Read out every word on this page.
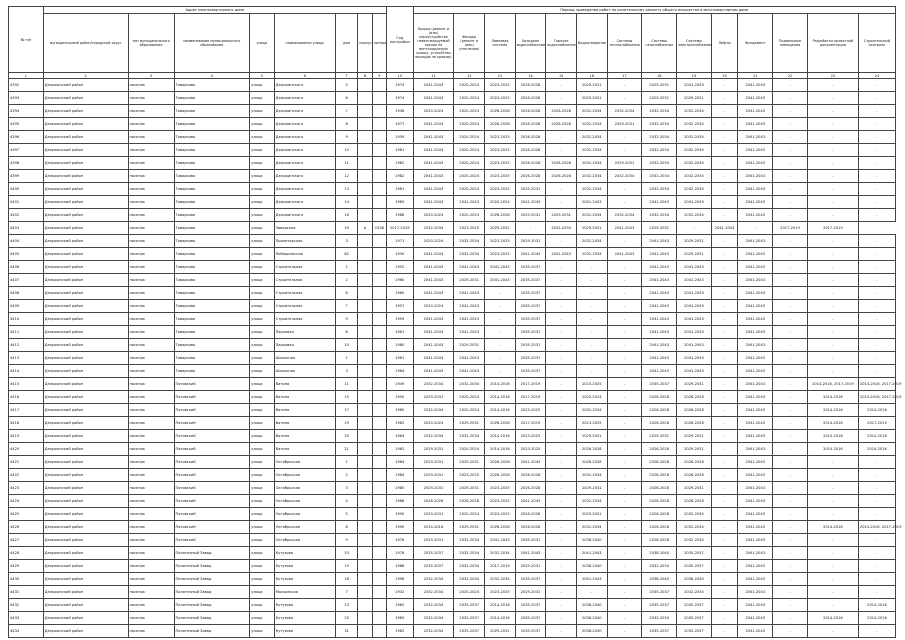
№ п/п	Адрес многоквартирного дома								Год постройки	Период проведения работ по капитальному ремонту общего имущества в многоквартирном доме													
	муниципальный район/городской округ	тип муниципального образования	наименование муниципального образования	улица	наименование улицы	дом	корпус	литера		Крыша (ремонт и (или) переустройство невентилируемой крыши на вентилируемую крышу, устройство выходов на кровлю)	Фасады (ремонт и (или) утепление)	Ливневая система	Холодное водоснабжение	Горячее водоснабжение	Водоотведение	Системы теплоснабжения	Системы газоснабжения	Системы электроснабжения	Лифты	Фундамент	Подвальные помещения	Разработка проектной документации	Строительный контроль
1	2	3	4	5	6	7	8	9	10	11	12	13	14	15	16	17	18	19	20	21	22	23	24
4392	Дзержинский район	поселок	Товарково	улица	Дзержинского	5			1974	2041-2043	2020-2024	2023-2025	2026-2028	-	2029-2031	-	2029-2031	2041-2043	-	2041-2043	-	-	-
4393	Дзержинский район	поселок	Товарково	улица	Дзержинского	6			1974	2041-2043	2020-2024	2023-2025	2026-2028	-	2029-2031	-	2029-2031	2029-2031	-	2041-2043	-	-	-
4394	Дзержинский район	поселок	Товарково	улица	Дзержинского	7			1936	2020-2024	2020-2024	2026-2028	2026-2028	2026-2028	2032-2034	2032-2034	2032-2034	2032-2034	-	2041-2043	-	-	-
4395	Дзержинский район	поселок	Товарково	улица	Дзержинского	8			1977	2041-2043	2020-2024	2026-2028	2026-2028	2026-2028	2032-2034	2029-2031	2032-2034	2032-2034	-	2041-2043	-	-	-
4396	Дзержинский район	поселок	Товарково	улица	Дзержинского	9			1959	2041-2043	2020-2024	2023-2025	2026-2028	-	2032-2034	-	2032-2034	2032-2034	-	2041-2043	-	-	-
4397	Дзержинский район	поселок	Товарково	улица	Дзержинского	10			1981	2041-2043	2020-2024	2023-2025	2026-2028	-	2032-2034	-	2032-2034	2032-2034	-	2041-2043	-	-	-
4398	Дзержинский район	поселок	Товарково	улица	Дзержинского	11			1982	2041-2043	2020-2024	2023-2025	2026-2028	2026-2028	2032-2034	2029-2031	2032-2034	2032-2034	-	2041-2043	-	-	-
4399	Дзержинский район	поселок	Товарково	улица	Дзержинского	12			1982	2041-2043	2020-2024	2023-2025	2026-2028	2026-2028	2032-2034	2032-2034	2032-2034	2032-2034	-	2041-2043	-	-	-
4400	Дзержинский район	поселок	Товарково	улица	Дзержинского	13			1981	2041-2043	2020-2024	2023-2025	2029-2031	-	2032-2034	-	2032-2034	2032-2034	-	2041-2043	-	-	-
4401	Дзержинский район	поселок	Товарково	улица	Дзержинского	14			1985	2041-2043	2041-2043	2020-2024	2041-2043	-	2041-2043	-	2041-2043	2041-2043	-	2041-2043	-	-	-
4402	Дзержинский район	поселок	Товарково	улица	Дзержинского	16			1988	2020-2024	2020-2024	2026-2028	2029-2031	2029-2031	2032-2034	2032-2034	2032-2034	2032-2034	-	2041-2043	-	-	-
4403	Дзержинский район	поселок	Товарково	улица	Заводская	19	А	1938	2017-2019	2032-2034	2023-2025	2029-2031	-	2032-2034	2029-2031	2041-2043	2029-2031	-	2041-2043	-	2017-2019	2017-2019	
4404	Дзержинский район	поселок	Товарково	улица	Пролетарская	3			1971	2020-2024	2032-2034	2023-2025	2029-2031	-	2032-2034	-	2041-2043	2029-2031	-	2041-2043	-	-	-
4405	Дзержинский район	поселок	Товарково	улица	Победоносная	82			1930	2041-2043	2032-2034	2023-2025	2041-2043	2041-2043	2032-2034	2041-2043	2041-2043	2029-2031	-	2041-2043	-	-	-
4406	Дзержинский район	поселок	Товарково	улица	Строительная	1			1952	2041-2043	2041-2043	2041-2043	2035-2037	-	-	-	2041-2043	2041-2043	-	2041-2043	-	-	-
4407	Дзержинский район	поселок	Товарково	улица	Строительная	2			1960	2041-2043	2029-2031	2041-2043	2035-2037	-	-	-	2041-2043	2041-2043	-	2041-2043	-	-	-
4408	Дзержинский район	поселок	Товарково	улица	Строительная	6			1960	2041-2043	2041-2043	-	2035-2037	-	-	-	2041-2043	2041-2043	-	2041-2043	-	-	-
4409	Дзержинский район	поселок	Товарково	улица	Строительная	7			1957	2020-2024	2041-2043	-	2035-2037	-	-	-	2041-2043	2041-2043	-	2041-2043	-	-	-
4410	Дзержинский район	поселок	Товарково	улица	Строительная	9			1959	2041-2043	2041-2043	-	2035-2037	-	-	-	2041-2043	2041-2043	-	2041-2043	-	-	-
4411	Дзержинский район	поселок	Товарково	улица	Парковая	6			1961	2041-2043	2041-2043	-	2035-2037	-	-	-	2041-2043	2041-2043	-	2041-2043	-	-	-
4412	Дзержинский район	поселок	Товарково	улица	Парковая	10			1960	2041-2043	2029-2031	-	2035-2037	-	-	-	2041-2043	2041-2043	-	2041-2043	-	-	-
4413	Дзержинский район	поселок	Товарково	улица	Школьная	1			1961	2041-2043	2041-2043	-	2035-2037	-	-	-	2041-2043	2041-2043	-	2041-2043	-	-	-
4414	Дзержинский район	поселок	Товарково	улица	Школьная	3			1964	2041-2043	2041-2043	-	2035-2037	-	-	-	2041-2043	2041-2043	-	2041-2043	-	-	-
4415	Дзержинский район	поселок	Пятовский	улица	Ватина	11			1949	2032-2034	2032-2034	2014-2016	2017-2019	-	2023-2025	-	2035-2037	2029-2031	-	2041-2043	-	2014-2016, 2017-2019	2014-2016, 2017-2019
4416	Дзержинский район	поселок	Пятовский	улица	Ватина	15			1950	2029-2031	2020-2024	2014-2016	2017-2019	-	2020-2024	-	2026-2028	2026-2028	-	2041-2043	-	2014-2016	2014-2016, 2017-2019
4417	Дзержинский район	поселок	Пятовский	улица	Ватина	17			1960	2032-2034	2020-2024	2014-2016	2023-2025	-	2032-2034	-	2026-2028	2026-2028	-	2041-2043	-	2014-2016	2014-2016
4418	Дзержинский район	поселок	Пятовский	улица	Ватина	19			1962	2020-2024	2029-2031	2026-2028	2017-2019	-	2023-2025	-	2026-2028	2026-2028	-	2041-2043	-	2014-2016	2017-2019
4419	Дзержинский район	поселок	Пятовский	улица	Ватина	20			1964	2032-2034	2032-2034	2014-2016	2023-2025	-	2029-2031	-	2029-2031	2029-2031	-	2041-2043	-	2014-2016	2014-2016
4420	Дзержинский район	поселок	Пятовский	улица	Ватина	21			1962	2029-2031	2020-2024	2014-2016	2023-2025	-	2026-2028	-	2026-2028	2029-2031	-	2041-2043	-	2014-2016	2014-2016
4421	Дзержинский район	поселок	Пятовский	улица	Октябрьская	1			1984	2029-2031	2029-2031	2026-2028	2041-2043	-	2026-2028	-	2026-2028	2026-2028	-	2041-2043	-	-	-
4422	Дзержинский район	поселок	Пятовский	улица	Октябрьская	2			1984	2029-2031	2023-2025	2026-2028	2026-2028	-	2032-2034	-	2026-2028	2026-2028	-	2041-2043	-	-	-
4423	Дзержинский район	поселок	Пятовский	улица	Октябрьская	3			1985	2029-2031	2029-2031	2023-2025	2026-2028	-	2029-2031	-	2026-2028	2029-2031	-	2041-2043	-	-	-
4424	Дзержинский район	поселок	Пятовский	улица	Октябрьская	4			1986	2026-2028	2026-2028	2023-2025	2041-2043	-	2032-2034	-	2026-2028	2026-2028	-	2041-2043	-	-	-
4425	Дзержинский район	поселок	Пятовский	улица	Октябрьская	5			1990	2029-2031	2020-2024	2023-2025	2026-2028	-	2029-2031	-	2026-2028	2032-2034	-	2041-2043	-	-	-
4426	Дзержинский район	поселок	Пятовский	улица	Октябрьская	8			1990	2014-2016	2029-2031	2026-2028	2026-2028	-	2032-2034	-	2026-2028	2032-2034	-	2041-2043	-	2014-2016	2014-2016, 2017-2019
4427	Дзержинский район	поселок	Пятовский	улица	Октябрьская	9			1976	2029-2031	2032-2034	2041-2043	2035-2037	-	2038-2040	-	2026-2028	2032-2034	-	2041-2043	-	-	-
4428	Дзержинский район	поселок	Полотняный Завод	улица	Кутузова	53			1978	2035-2037	2032-2034	2032-2034	2041-2043	-	2041-2043	-	2038-2040	2035-2037	-	2041-2043	-	-	-
4429	Дзержинский район	поселок	Полотняный Завод	улица	Кутузова	15			1988	2035-2037	2032-2034	2017-2019	2029-2031	-	2038-2040	-	2032-2034	2035-2037	-	2041-2043	-	-	-
4430	Дзержинский район	поселок	Полотняный Завод	улица	Кутузова	18			1998	2032-2034	2032-2034	2032-2034	2035-2037	-	2041-2043	-	2038-2040	2038-2040	-	2041-2043	-	-	-
4431	Дзержинский район	поселок	Полотняный Завод	улица	Московская	7			1932	2032-2034	2020-2024	2023-2025	2029-2031	-	-	-	2035-2037	2032-2034	-	2041-2043	-	-	-
4432	Дзержинский район	поселок	Полотняный Завод	улица	Кутузова	23			1962	2032-2034	2035-2037	2014-2016	2035-2037	-	2038-2040	-	2035-2037	2035-2037	-	2041-2043	-	-	2014-2016
4433	Дзержинский район	поселок	Полотняный Завод	улица	Кутузова	25			1965	2032-2034	2035-2037	2014-2016	2035-2037	-	2038-2040	-	2032-2034	2035-2037	-	2041-2043	-	2014-2016	2014-2016
4434	Дзержинский район	поселок	Полотняный Завод	улица	Кутузова	31			1962	2032-2034	2035-2037	2029-2031	2035-2037	-	2038-2040	-	2035-2037	2035-2037	-	2041-2043	-	-	-
